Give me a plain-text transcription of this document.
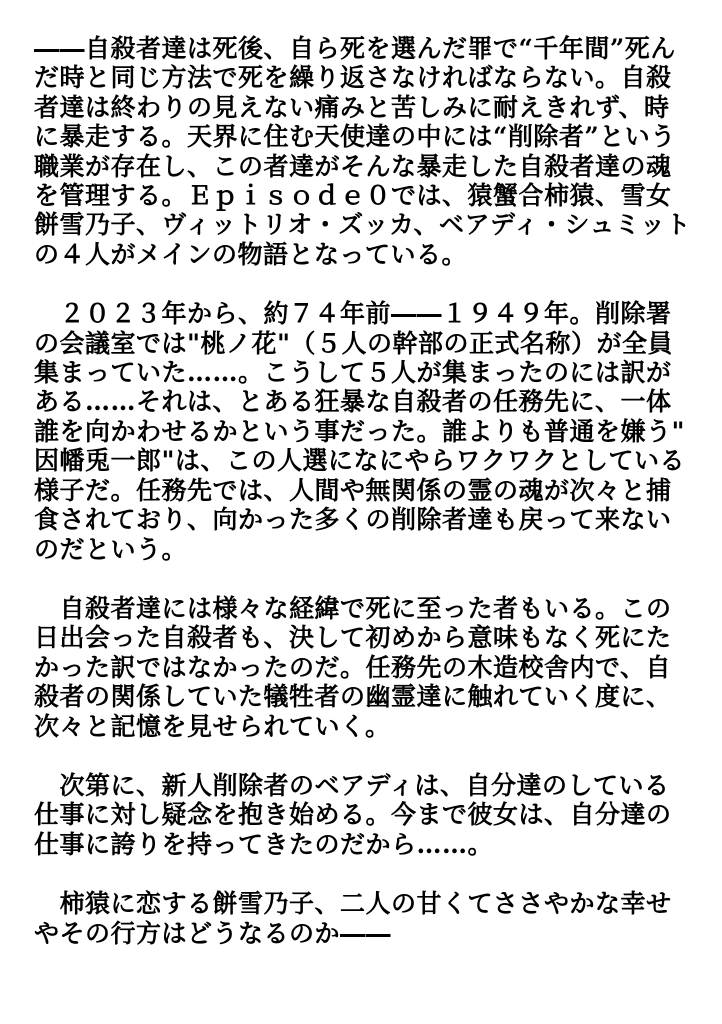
――自殺者達は死後、自ら死を選んだ罪で“千年間”死んだ時と同じ方法で死を繰り返さなければならない。自殺者達は終わりの見えない痛みと苦しみに耐えきれず、時に暴走する。天界に住む天使達の中には“削除者”という職業が存在し、この者達がそんな暴走した自殺者達の魂を管理する。Ｅｐｉｓｏｄｅ０では、猿蟹合柿猿、雪女餅雪乃子、ヴィットリオ・ズッカ、ベアディ・シュミットの４人がメインの物語となっている。

　２０２３年から、約７４年前――１９４９年。削除署の会議室では"桃ノ花"（５人の幹部の正式名称）が全員集まっていた……。こうして５人が集まったのには訳がある……それは、とある狂暴な自殺者の任務先に、一体誰を向かわせるかという事だった。誰よりも普通を嫌う"因幡兎一郎"は、この人選になにやらワクワクとしている様子だ。任務先では、人間や無関係の霊の魂が次々と捕食されており、向かった多くの削除者達も戻って来ないのだという。

　自殺者達には様々な経緯で死に至った者もいる。この日出会った自殺者も、決して初めから意味もなく死にたかった訳ではなかったのだ。任務先の木造校舎内で、自殺者の関係していた犠牲者の幽霊達に触れていく度に、次々と記憶を見せられていく。

　次第に、新人削除者のベアディは、自分達のしている仕事に対し疑念を抱き始める。今まで彼女は、自分達の仕事に誇りを持ってきたのだから……。

　柿猿に恋する餅雪乃子、二人の甘くてささやかな幸せやその行方はどうなるのか――
